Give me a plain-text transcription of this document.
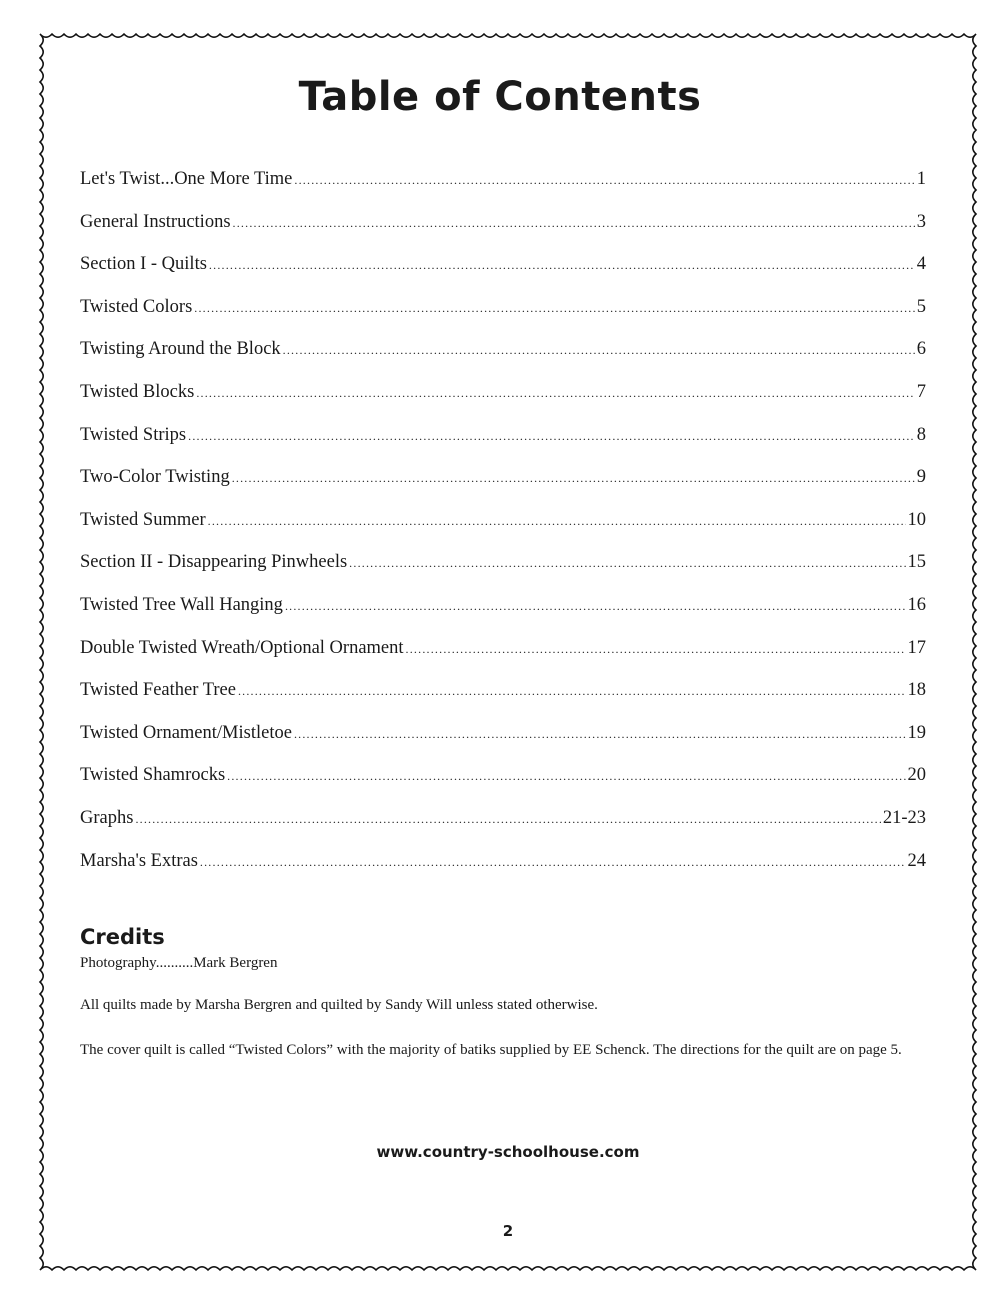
Table of Contents
Let's Twist...One More Time .....	1
General Instructions .....	3
Section I - Quilts .....	4
Twisted Colors .....	5
Twisting Around the Block .....	6
Twisted Blocks .....	7
Twisted Strips .....	8
Two-Color Twisting .....	9
Twisted Summer .....	10
Section II - Disappearing Pinwheels .....	15
Twisted Tree Wall Hanging .....	16
Double Twisted Wreath/Optional Ornament .....	17
Twisted Feather Tree .....	18
Twisted Ornament/Mistletoe .....	19
Twisted Shamrocks .....	20
Graphs .....	21-23
Marsha's Extras .....	24
Credits

Photography..........Mark Bergren

All quilts made by Marsha Bergren and quilted by Sandy Will unless stated otherwise.

The cover quilt is called “Twisted Colors” with the majority of batiks supplied by EE Schenck. The directions for the quilt are on page 5.

www.country-schoolhouse.com

2
